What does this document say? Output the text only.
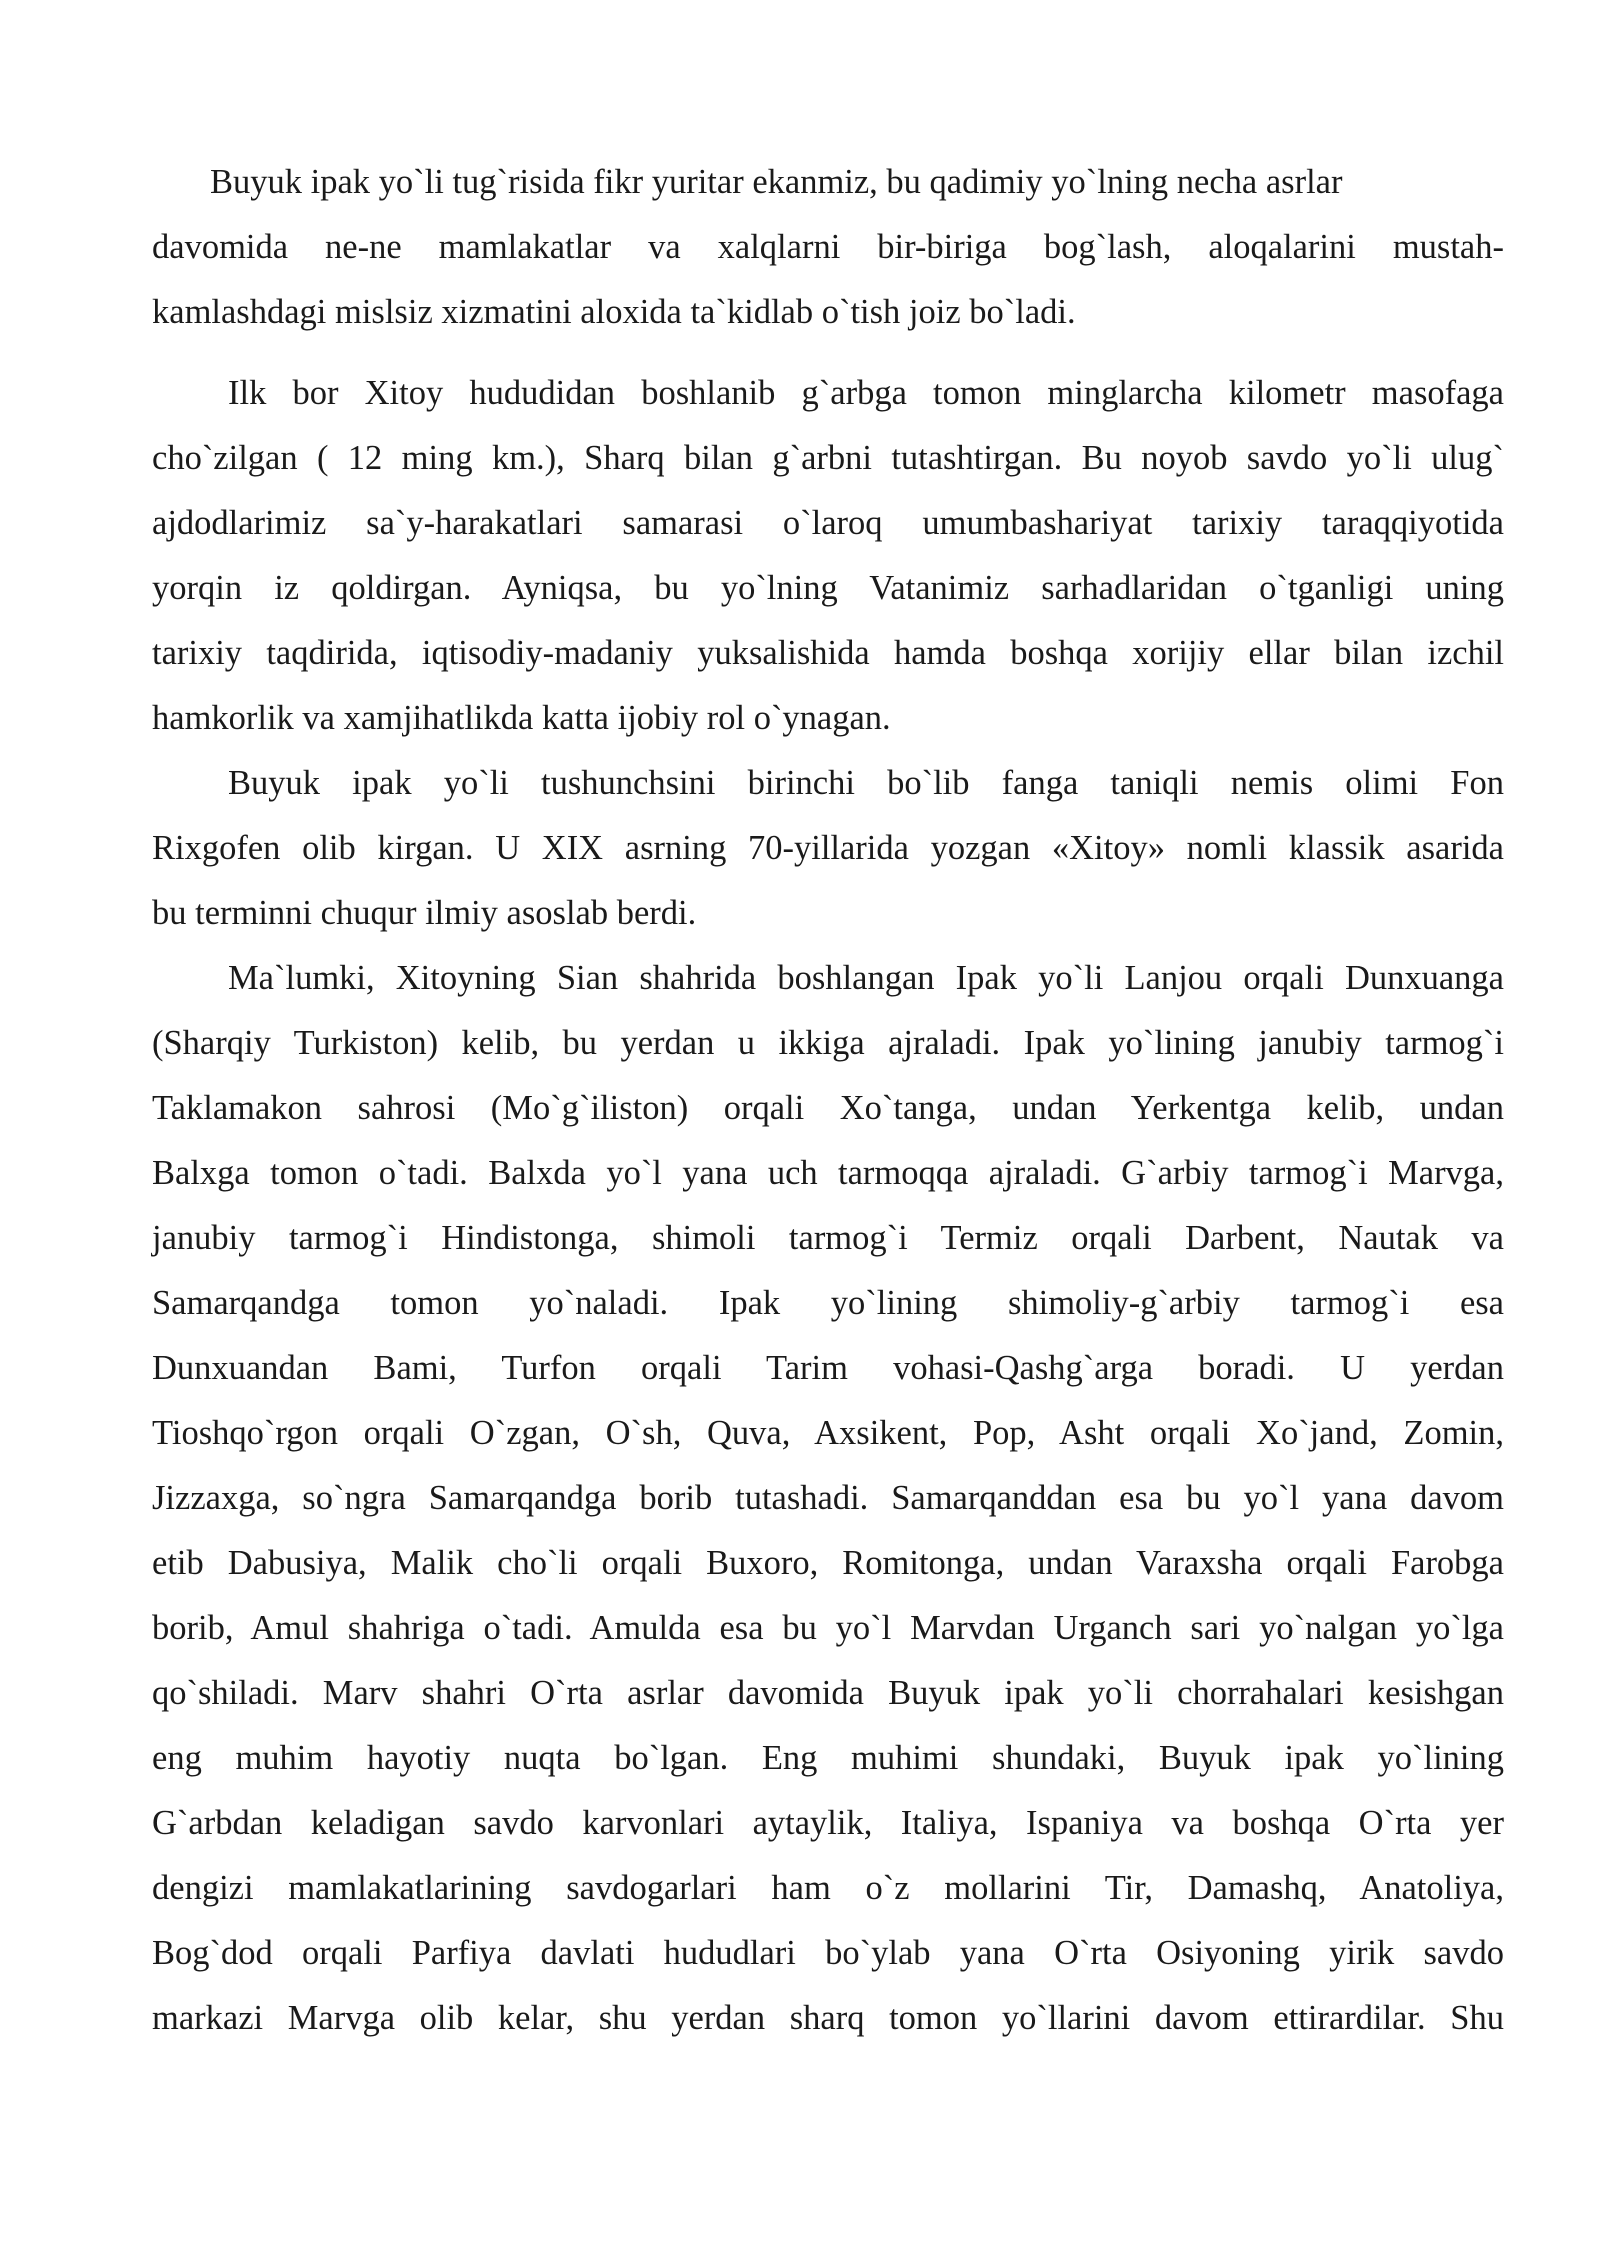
Buyuk ipak yo`li tug`risida fikr yuritar ekanmiz, bu qadimiy yo`lning necha asrlar
davomida ne-ne mamlakatlar va xalqlarni bir-biriga bog`lash, aloqalarini mustah-
kamlashdagi mislsiz xizmatini aloxida ta`kidlab o`tish joiz bo`ladi.

Ilk bor Xitoy hududidan boshlanib g`arbga tomon minglarcha kilometr masofaga
cho`zilgan ( 12 ming km.), Sharq bilan g`arbni tutashtirgan. Bu noyob savdo yo`li ulug`
ajdodlarimiz sa`y-harakatlari samarasi o`laroq umumbashariyat tarixiy taraqqiyotida
yorqin iz qoldirgan. Ayniqsa, bu yo`lning Vatanimiz sarhadlaridan o`tganligi uning
tarixiy taqdirida, iqtisodiy-madaniy yuksalishida hamda boshqa xorijiy ellar bilan izchil
hamkorlik va xamjihatlikda katta ijobiy rol o`ynagan.

Buyuk ipak yo`li tushunchsini birinchi bo`lib fanga taniqli nemis olimi Fon
Rixgofen olib kirgan. U XIX asrning 70-yillarida yozgan «Xitoy» nomli klassik asarida
bu terminni chuqur ilmiy asoslab berdi.

Ma`lumki, Xitoyning Sian shahrida boshlangan Ipak yo`li Lanjou orqali Dunxuanga
(Sharqiy Turkiston) kelib, bu yerdan u ikkiga ajraladi. Ipak yo`lining janubiy tarmog`i
Taklamakon sahrosi (Mo`g`iliston) orqali Xo`tanga, undan Yerkentga kelib, undan
Balxga tomon o`tadi. Balxda yo`l yana uch tarmoqqa ajraladi. G`arbiy tarmog`i Marvga,
janubiy tarmog`i Hindistonga, shimoli tarmog`i Termiz orqali Darbent, Nautak va
Samarqandga tomon yo`naladi. Ipak yo`lining shimoliy-g`arbiy tarmog`i esa
Dunxuandan Bami, Turfon orqali Tarim vohasi-Qashg`arga boradi. U yerdan
Tioshqo`rgon orqali O`zgan, O`sh, Quva, Axsikent, Pop, Asht orqali Xo`jand, Zomin,
Jizzaxga, so`ngra Samarqandga borib tutashadi. Samarqanddan esa bu yo`l yana davom
etib Dabusiya, Malik cho`li orqali Buxoro, Romitonga, undan Varaxsha orqali Farobga
borib, Amul shahriga o`tadi. Amulda esa bu yo`l Marvdan Urganch sari yo`nalgan yo`lga
qo`shiladi. Marv shahri O`rta asrlar davomida Buyuk ipak yo`li chorrahalari kesishgan
eng muhim hayotiy nuqta bo`lgan. Eng muhimi shundaki, Buyuk ipak yo`lining
G`arbdan keladigan savdo karvonlari aytaylik, Italiya, Ispaniya va boshqa O`rta yer
dengizi mamlakatlarining savdogarlari ham o`z mollarini Tir, Damashq, Anatoliya,
Bog`dod orqali Parfiya davlati hududlari bo`ylab yana O`rta Osiyoning yirik savdo
markazi Marvga olib kelar, shu yerdan sharq tomon yo`llarini davom ettirardilar. Shu
